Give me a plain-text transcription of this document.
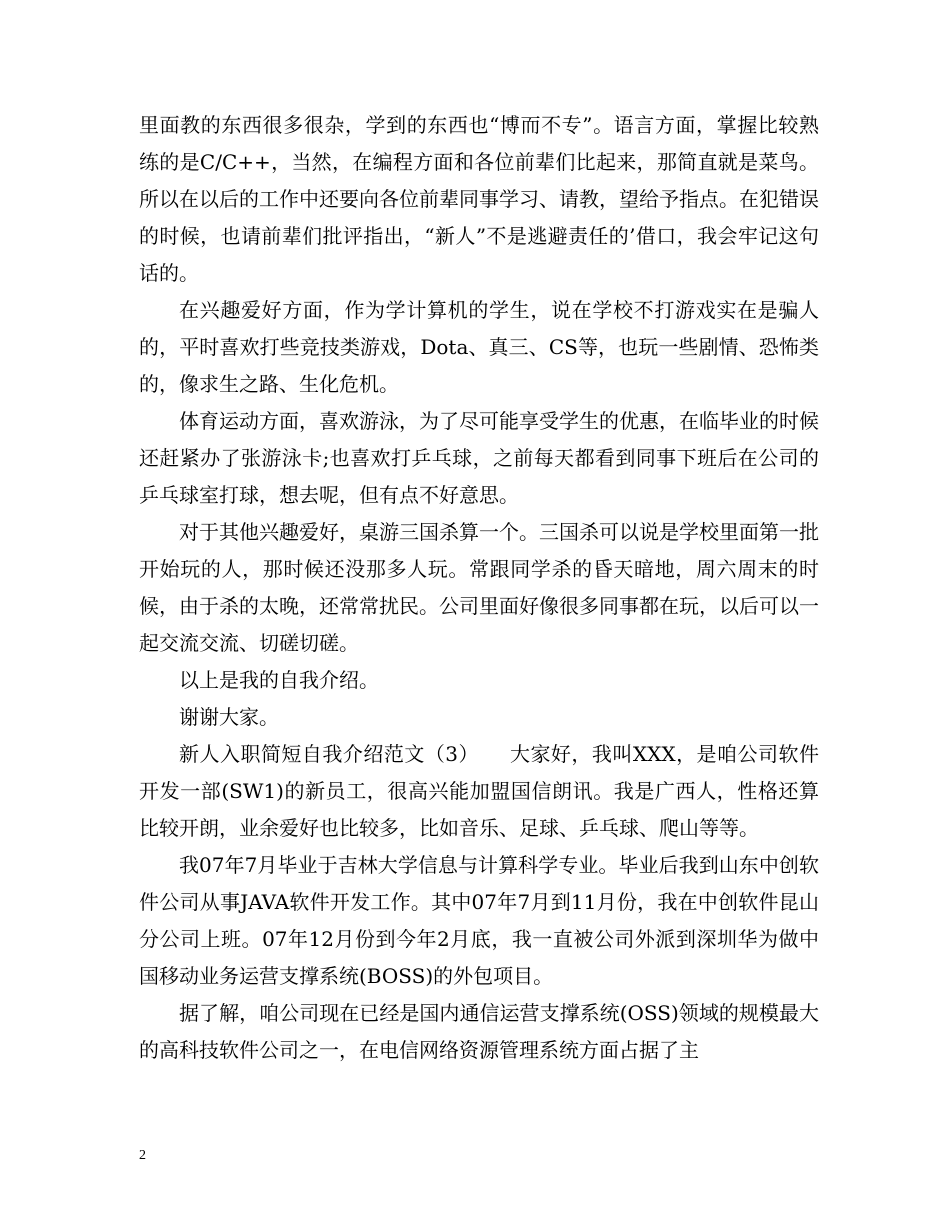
里面教的东西很多很杂，学到的东西也“博而不专”。语言方面，掌握比较熟练的是C/C++，当然，在编程方面和各位前辈们比起来，那简直就是菜鸟。所以在以后的工作中还要向各位前辈同事学习、请教，望给予指点。在犯错误的时候，也请前辈们批评指出，“新人”不是逃避责任的’借口，我会牢记这句话的。

在兴趣爱好方面，作为学计算机的学生，说在学校不打游戏实在是骗人的，平时喜欢打些竞技类游戏，Dota、真三、CS等，也玩一些剧情、恐怖类的，像求生之路、生化危机。

体育运动方面，喜欢游泳，为了尽可能享受学生的优惠，在临毕业的时候还赶紧办了张游泳卡;也喜欢打乒乓球，之前每天都看到同事下班后在公司的乒乓球室打球，想去呢，但有点不好意思。

对于其他兴趣爱好，桌游三国杀算一个。三国杀可以说是学校里面第一批开始玩的人，那时候还没那多人玩。常跟同学杀的昏天暗地，周六周末的时候，由于杀的太晚，还常常扰民。公司里面好像很多同事都在玩，以后可以一起交流交流、切磋切磋。

以上是我的自我介绍。

谢谢大家。

新人入职简短自我介绍范文（3）　　大家好，我叫XXX，是咱公司软件开发一部(SW1)的新员工，很高兴能加盟国信朗讯。我是广西人，性格还算比较开朗，业余爱好也比较多，比如音乐、足球、乒乓球、爬山等等。

我07年7月毕业于吉林大学信息与计算科学专业。毕业后我到山东中创软件公司从事JAVA软件开发工作。其中07年7月到11月份，我在中创软件昆山分公司上班。07年12月份到今年2月底，我一直被公司外派到深圳华为做中国移动业务运营支撑系统(BOSS)的外包项目。

据了解，咱公司现在已经是国内通信运营支撑系统(OSS)领域的规模最大的高科技软件公司之一，在电信网络资源管理系统方面占据了主

2
